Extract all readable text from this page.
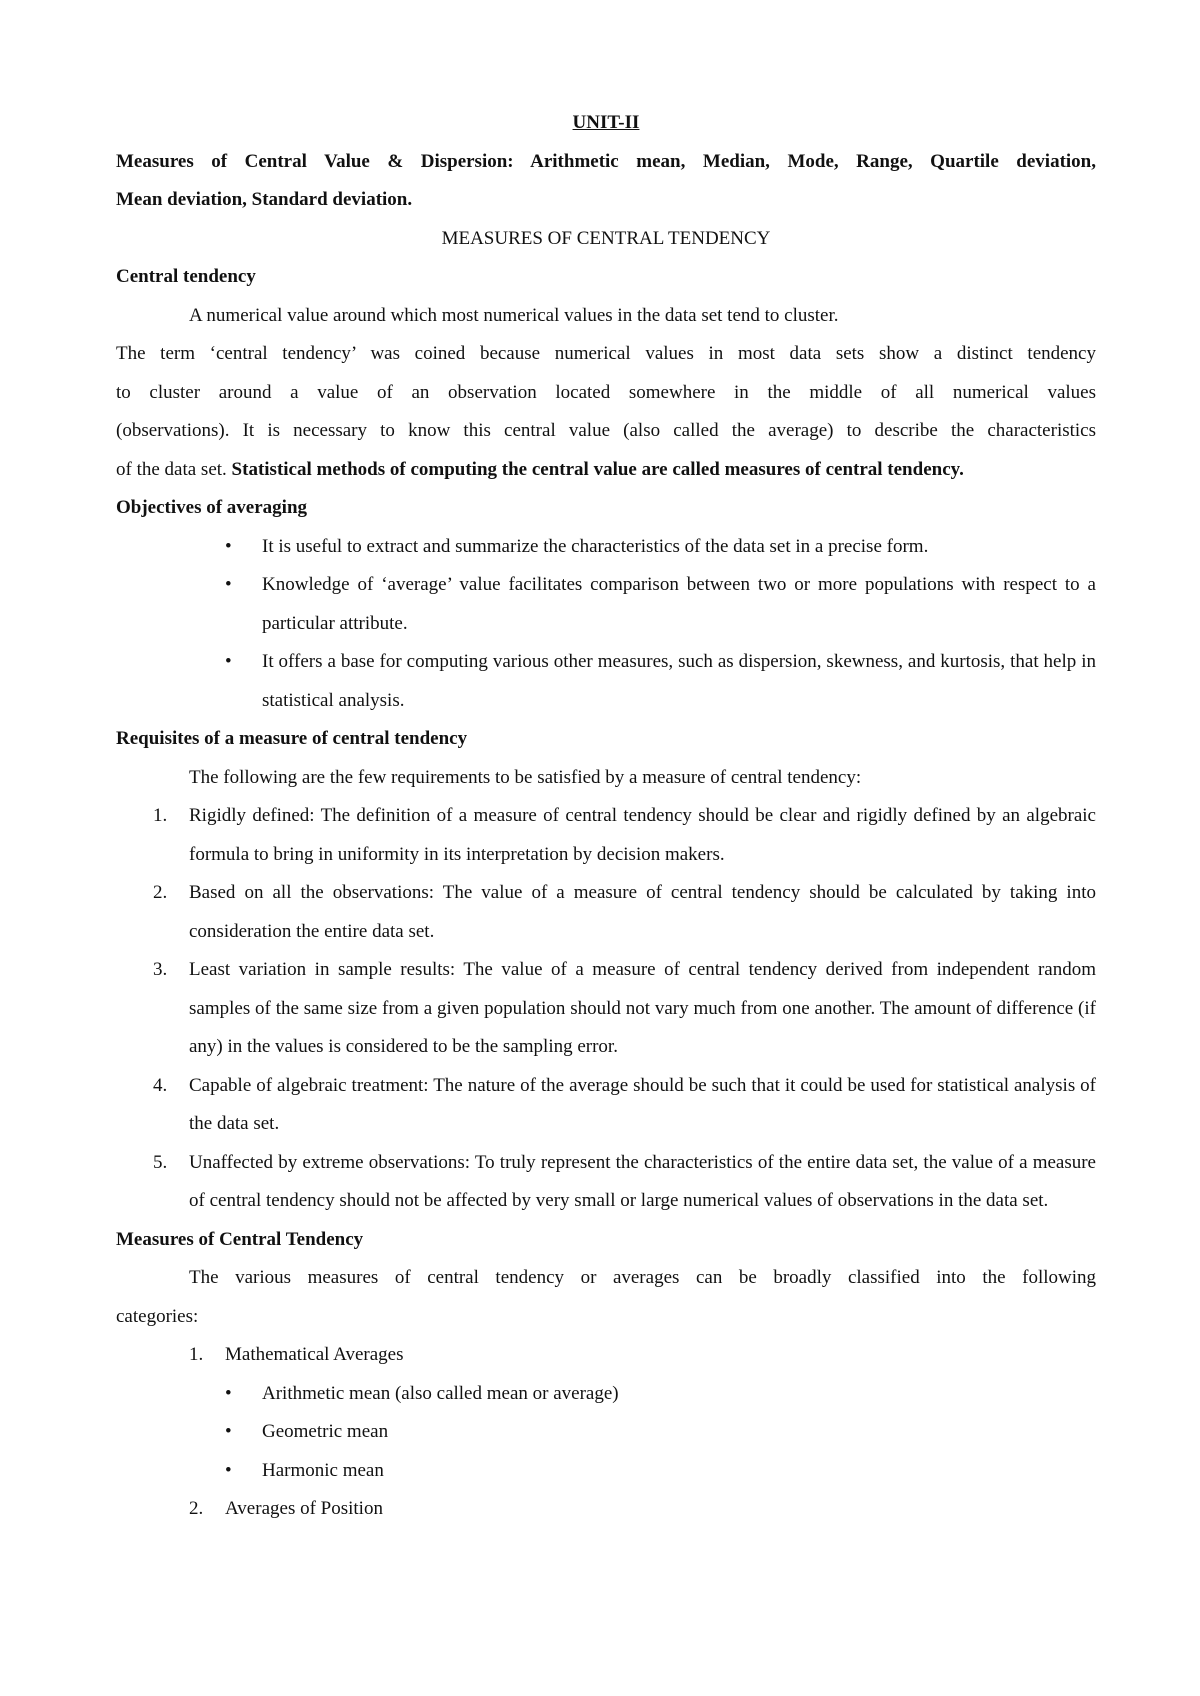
UNIT-II
Measures of Central Value & Dispersion: Arithmetic mean, Median, Mode, Range, Quartile deviation,
Mean deviation, Standard deviation.
MEASURES OF CENTRAL TENDENCY
Central tendency
A numerical value around which most numerical values in the data set tend to cluster.
The term ‘central tendency’ was coined because numerical values in most data sets show a distinct tendency
to cluster around a value of an observation located somewhere in the middle of all numerical values
(observations). It is necessary to know this central value (also called the average) to describe the characteristics
of the data set. Statistical methods of computing the central value are called measures of central tendency.
Objectives of averaging
• It is useful to extract and summarize the characteristics of the data set in a precise form.
• Knowledge of ‘average’ value facilitates comparison between two or more populations with respect to a particular attribute.
• It offers a base for computing various other measures, such as dispersion, skewness, and kurtosis, that help in statistical analysis.
Requisites of a measure of central tendency
The following are the few requirements to be satisfied by a measure of central tendency:
1. Rigidly defined: The definition of a measure of central tendency should be clear and rigidly defined by an algebraic formula to bring in uniformity in its interpretation by decision makers.
2. Based on all the observations: The value of a measure of central tendency should be calculated by taking into consideration the entire data set.
3. Least variation in sample results: The value of a measure of central tendency derived from independent random samples of the same size from a given population should not vary much from one another. The amount of difference (if any) in the values is considered to be the sampling error.
4. Capable of algebraic treatment: The nature of the average should be such that it could be used for statistical analysis of the data set.
5. Unaffected by extreme observations: To truly represent the characteristics of the entire data set, the value of a measure of central tendency should not be affected by very small or large numerical values of observations in the data set.
Measures of Central Tendency
The various measures of central tendency or averages can be broadly classified into the following
categories:
1. Mathematical Averages
• Arithmetic mean (also called mean or average)
• Geometric mean
• Harmonic mean
2. Averages of Position
